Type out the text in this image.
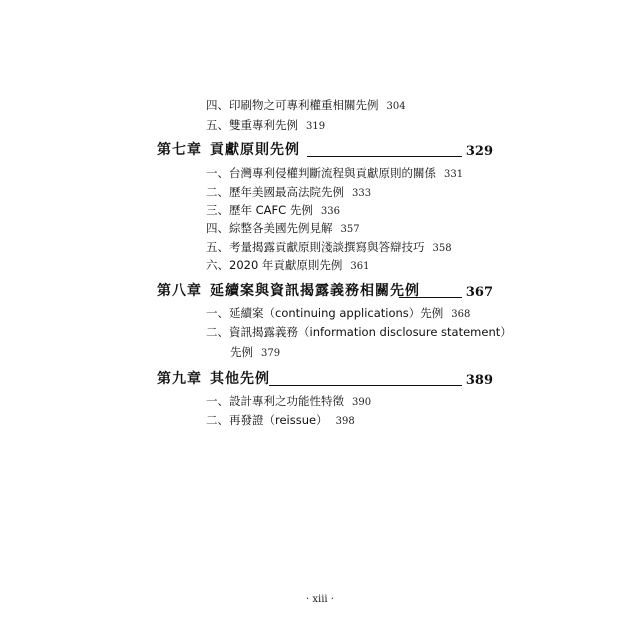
四、印刷物之可專利權重相關先例 304
五、雙重專利先例 319
第七章 貢獻原則先例	329
一、台灣專利侵權判斷流程與貢獻原則的關係 331
二、歷年美國最高法院先例 333
三、歷年 CAFC 先例 336
四、綜整各美國先例見解 357
五、考量揭露貢獻原則淺談撰寫與答辯技巧 358
六、2020 年貢獻原則先例 361
第八章 延續案與資訊揭露義務相關先例	367
一、延續案（continuing applications）先例 368
二、資訊揭露義務（information disclosure statement）
先例 379
第九章 其他先例	389
一、設計專利之功能性特徵 390
二、再發證（reissue） 398
· xiii ·
